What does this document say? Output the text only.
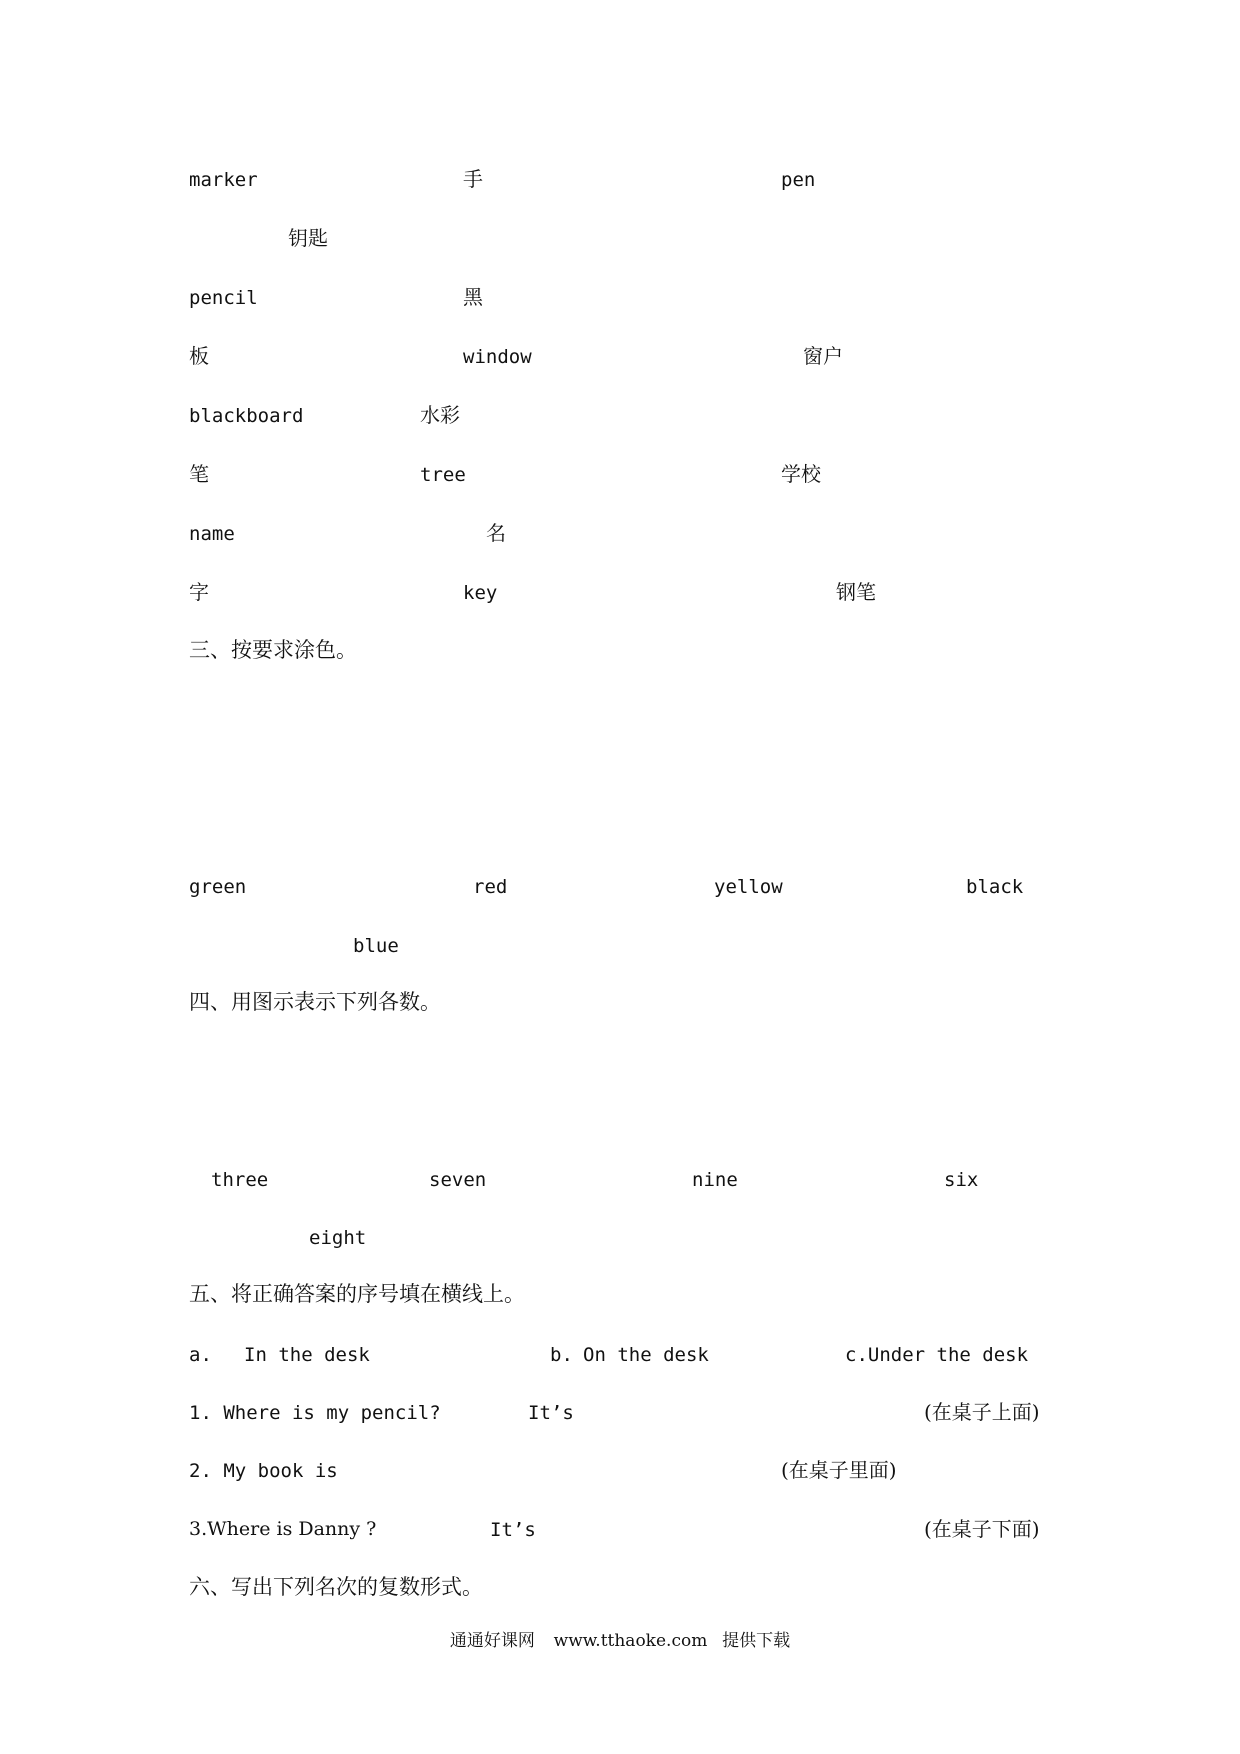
marker	手	pen
钥匙
pencil	黑
板	window	窗户
blackboard	水彩
笔	tree	学校
name	名
字	key	钢笔
三、按要求涂色。
green	red	yellow	black
blue
四、用图示表示下列各数。
three	seven	nine	six
eight
五、将正确答案的序号填在横线上。
a. In the desk	b. On the desk	c.Under the desk
1. Where is my pencil?	It’s	(在桌子上面)
2. My book is	(在桌子里面)
3.Where is Danny ?	It’s	(在桌子下面)
六、写出下列名次的复数形式。
通通好课网 www.tthaoke.com 提供下载
